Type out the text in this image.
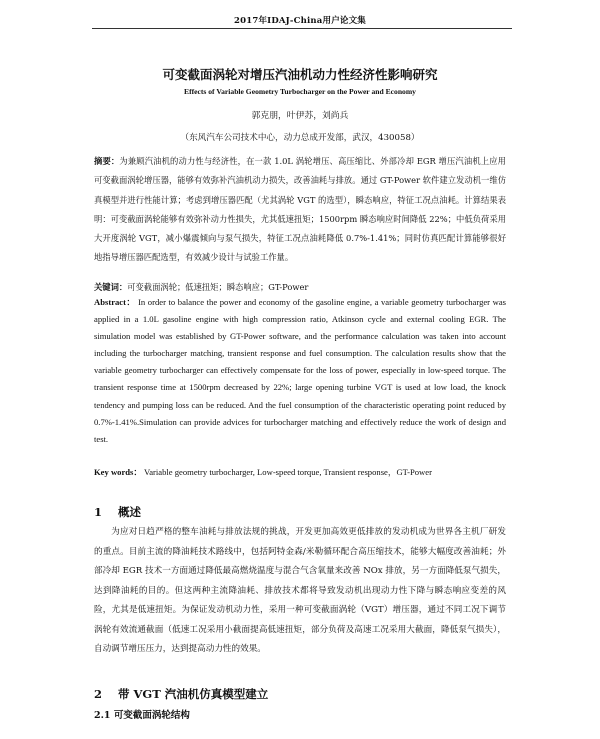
2017年IDAJ-China用户论文集
可变截面涡轮对增压汽油机动力性经济性影响研究
Effects of Variable Geometry Turbocharger on the Power and Economy
郭克朋，叶伊苏，刘尚兵
（东风汽车公司技术中心，动力总成开发部，武汉，430058）
摘要：为兼顾汽油机的动力性与经济性，在一款 1.0L 涡轮增压、高压缩比、外部冷却 EGR 增压汽油机上应用可变截面涡轮增压器，能够有效弥补汽油机动力损失，改善油耗与排放。通过 GT-Power 软件建立发动机一维仿真模型并进行性能计算；考虑到增压器匹配（尤其涡轮 VGT 的选型），瞬态响应，特征工况点油耗。计算结果表明：可变截面涡轮能够有效弥补动力性损失，尤其低速扭矩；1500rpm 瞬态响应时间降低 22%；中低负荷采用大开度涡轮 VGT，减小爆震倾向与泵气损失，特征工况点油耗降低 0.7%-1.41%；同时仿真匹配计算能够很好地指导增压器匹配选型，有效减少设计与试验工作量。
关键词：可变截面涡轮；低速扭矩；瞬态响应；GT-Power
Abstract： In order to balance the power and economy of the gasoline engine, a variable geometry turbocharger was applied in a 1.0L gasoline engine with high compression ratio, Atkinson cycle and external cooling EGR. The simulation model was established by GT-Power software, and the performance calculation was taken into account including the turbocharger matching, transient response and fuel consumption. The calculation results show that the variable geometry turbocharger can effectively compensate for the loss of power, especially in low-speed torque. The transient response time at 1500rpm decreased by 22%; large opening turbine VGT is used at low load, the knock tendency and pumping loss can be reduced. And the fuel consumption of the characteristic operating point reduced by 0.7%-1.41%.Simulation can provide advices for turbocharger matching and effectively reduce the work of design and test.
Key words： Variable geometry turbocharger, Low-speed torque, Transient response，GT-Power
1 概述
为应对日趋严格的整车油耗与排放法规的挑战，开发更加高效更低排放的发动机成为世界各主机厂研发的重点。目前主流的降油耗技术路线中，包括阿特金森/米勒循环配合高压缩技术，能够大幅度改善油耗；外部冷却 EGR 技术一方面通过降低最高燃烧温度与混合气含氧量来改善 NOx 排放，另一方面降低泵气损失，达到降油耗的目的。但这两种主流降油耗、排放技术都将导致发动机出现动力性下降与瞬态响应变差的风险，尤其是低速扭矩。为保证发动机动力性，采用一种可变截面涡轮（VGT）增压器，通过不同工况下调节涡轮有效流通截面（低速工况采用小截面提高低速扭矩，部分负荷及高速工况采用大截面，降低泵气损失），自动调节增压压力，达到提高动力性的效果。
2 带 VGT 汽油机仿真模型建立
2.1 可变截面涡轮结构
